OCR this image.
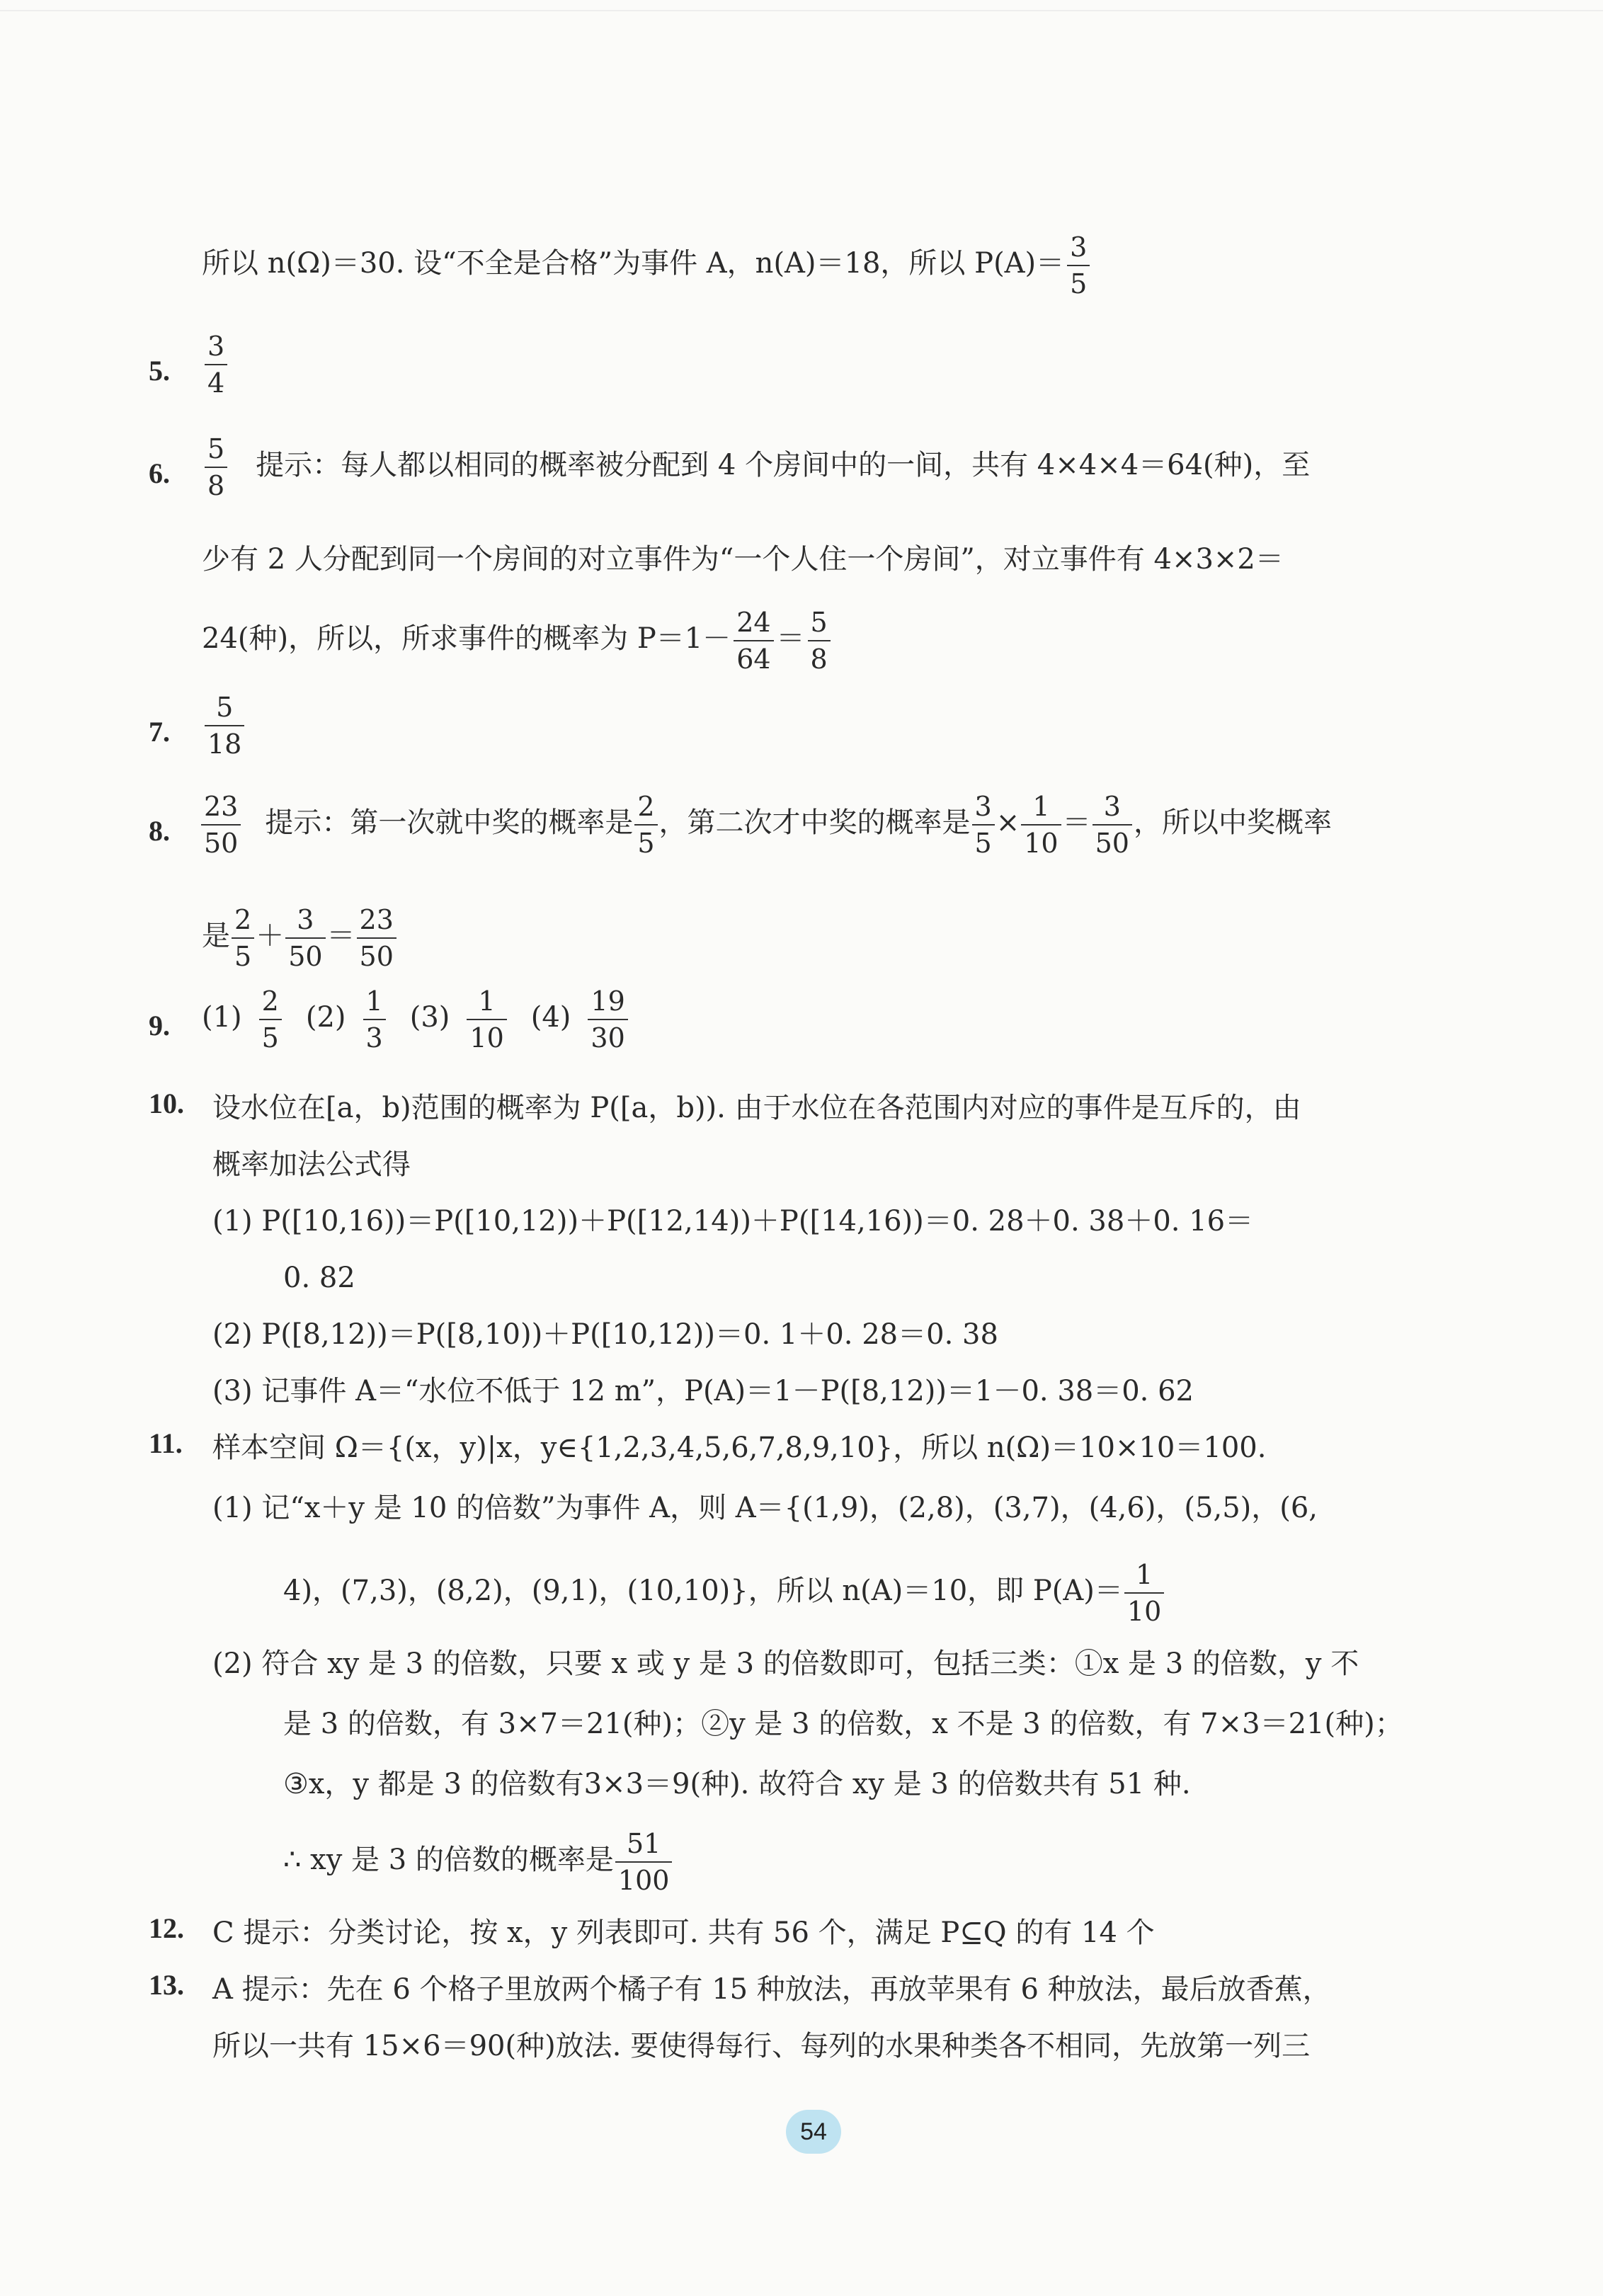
所以 n(Ω)＝30. 设“不全是合格”为事件 A，n(A)＝18，所以 $P(A)= \frac{3}{5}$
5. $\frac{3}{4}$
6. $\frac{5}{8}$ 提示：每人都以相同的概率被分配到 4 个房间中的一间，共有 4×4×4＝64(种)，至
少有 2 人分配到同一个房间的对立事件为“一个人住一个房间”，对立事件有 4×3×2＝
24(种)，所以，所求事件的概率为 $P=1- \frac{24}{64} = \frac{5}{8}$
7. $\frac{5}{18}$
8. $\frac{23}{50}$ 提示：第一次就中奖的概率是 $\frac{2}{5}$ ，第二次才中奖的概率是 $\frac{3}{5} \times \frac{1}{10} = \frac{3}{50}$ ，所以中奖概率
是 $\frac{2}{5} + \frac{3}{50} = \frac{23}{50}$
9. $(1) \frac{2}{5} (2) \frac{1}{3} (3) \frac{1}{10} (4) \frac{19}{30}$
10. 设水位在[a，b)范围的概率为 P([a，b)). 由于水位在各范围内对应的事件是互斥的，由
概率加法公式得
(1) P([10,16))＝P([10,12))＋P([12,14))＋P([14,16))＝0. 28＋0. 38＋0. 16＝
0. 82
(2) P([8,12))＝P([8,10))＋P([10,12))＝0. 1＋0. 28＝0. 38
(3) 记事件 A＝“水位不低于 12 m”，P(A)＝1－P([8,12))＝1－0. 38＝0. 62
11. 样本空间 Ω＝{(x，y)|x，y∈{1,2,3,4,5,6,7,8,9,10}，所以 n(Ω)＝10×10＝100.
(1) 记“x＋y 是 10 的倍数”为事件 A，则 A＝{(1,9)，(2,8)，(3,7)，(4,6)，(5,5)，(6,
4)，(7,3)，(8,2)，(9,1)，(10,10)}，所以 n(A)＝10，即 $P(A)= \frac{1}{10}$
(2) 符合 xy 是 3 的倍数，只要 x 或 y 是 3 的倍数即可，包括三类：①x 是 3 的倍数，y 不
是 3 的倍数，有 3×7＝21(种)；②y 是 3 的倍数，x 不是 3 的倍数，有 7×3＝21(种)；
③x，y 都是 3 的倍数有3×3＝9(种). 故符合 xy 是 3 的倍数共有 51 种.
∴ xy 是 3 的倍数的概率是 $\frac{51}{100}$
12. C 提示：分类讨论，按 x，y 列表即可. 共有 56 个，满足 P⊆Q 的有 14 个
13. A 提示：先在 6 个格子里放两个橘子有 15 种放法，再放苹果有 6 种放法，最后放香蕉，
所以一共有 15×6＝90(种)放法. 要使得每行、每列的水果种类各不相同，先放第一列三
54
